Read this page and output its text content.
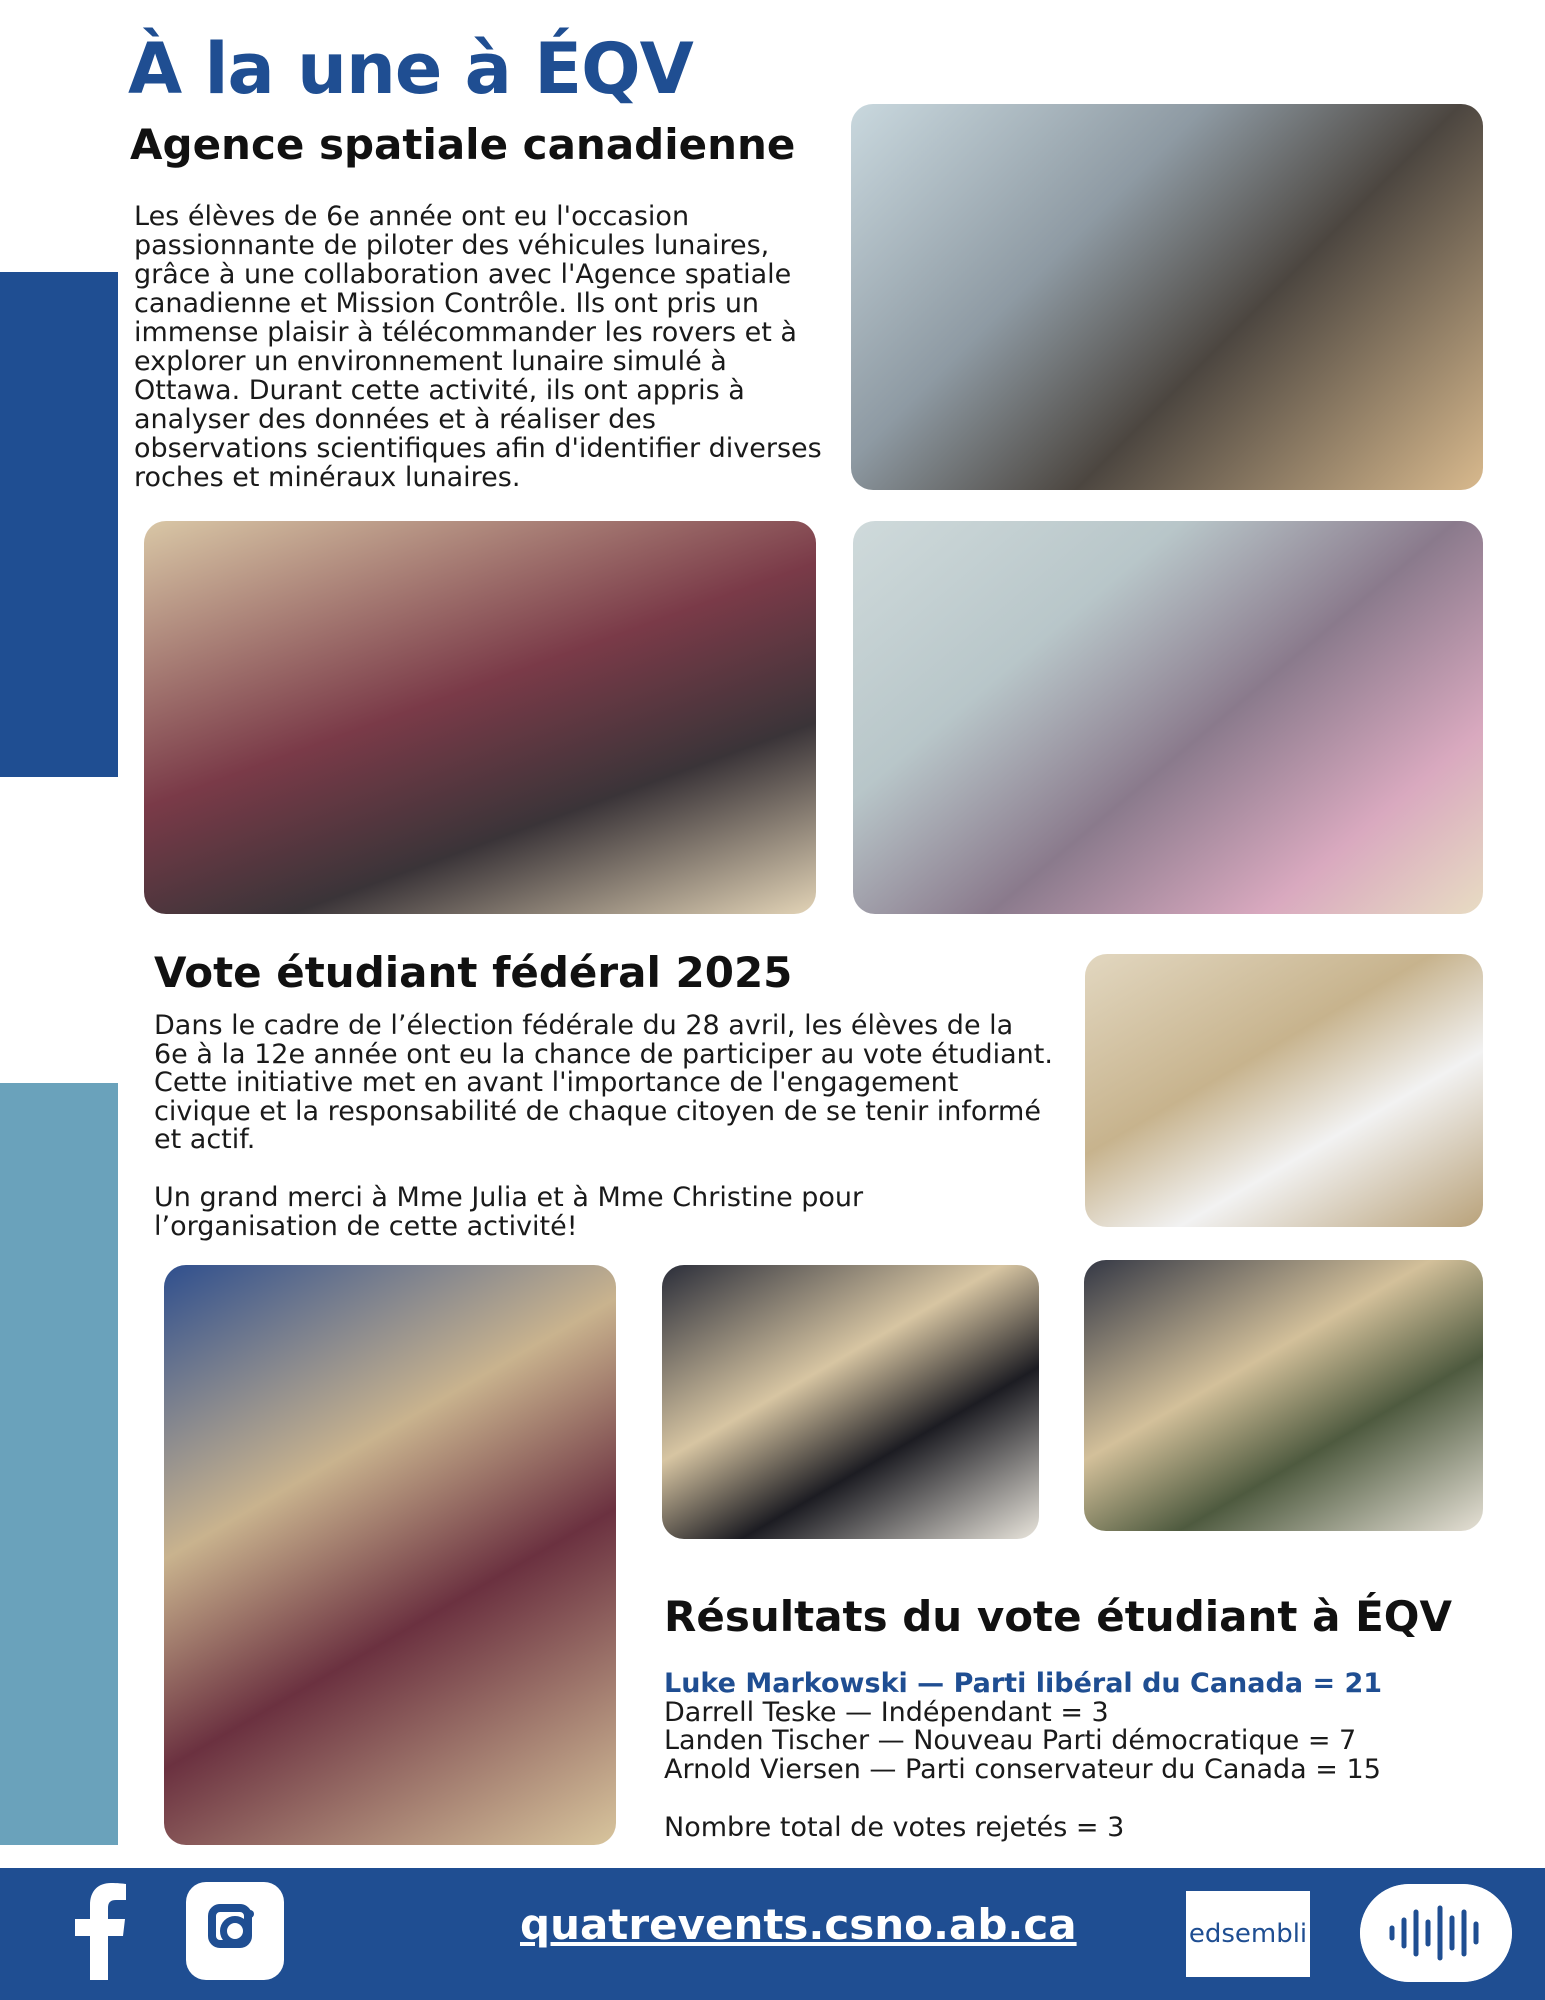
À la une à ÉQV
Agence spatiale canadienne
Les élèves de 6e année ont eu l'occasion passionnante de piloter des véhicules lunaires, grâce à une collaboration avec l'Agence spatiale canadienne et Mission Contrôle. Ils ont pris un immense plaisir à télécommander les rovers et à explorer un environnement lunaire simulé à Ottawa. Durant cette activité, ils ont appris à analyser des données et à réaliser des observations scientifiques afin d'identifier diverses roches et minéraux lunaires.
Vote étudiant fédéral 2025
Dans le cadre de l’élection fédérale du 28 avril, les élèves de la 6e à la 12e année ont eu la chance de participer au vote étudiant. Cette initiative met en avant l'importance de l'engagement civique et la responsabilité de chaque citoyen de se tenir informé et actif.
Un grand merci à Mme Julia et à Mme Christine pour l’organisation de cette activité!
Résultats du vote étudiant à ÉQV
Luke Markowski — Parti libéral du Canada = 21
Darrell Teske — Indépendant = 3
Landen Tischer — Nouveau Parti démocratique = 7
Arnold Viersen — Parti conservateur du Canada = 15
Nombre total de votes rejetés = 3
quatrevents.csno.ab.ca	edsembli
